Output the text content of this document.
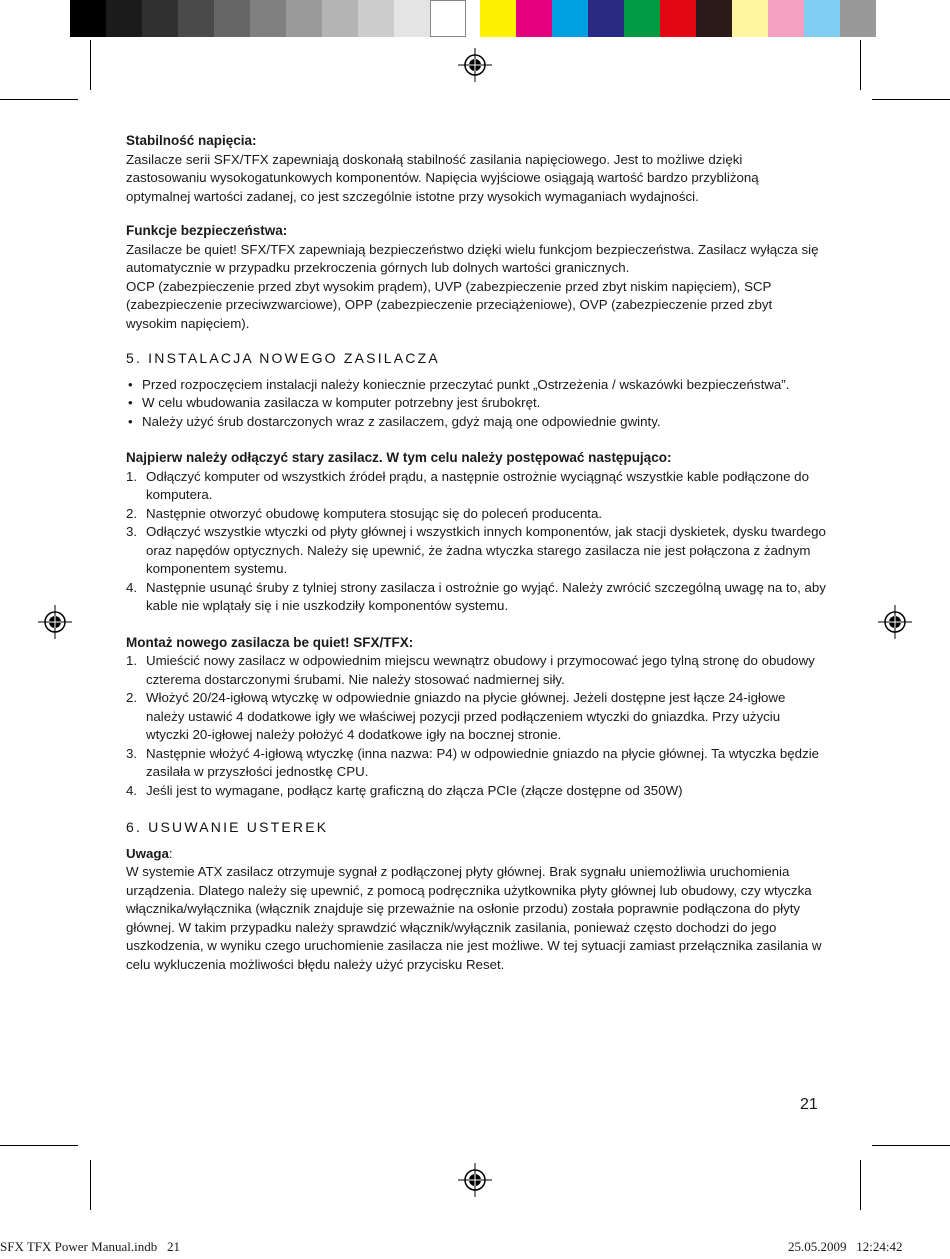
Stabilność napięcia:

Zasilacze serii SFX/TFX zapewniają doskonałą stabilność zasilania napięciowego. Jest to możliwe dzięki zastosowaniu wysokogatunkowych komponentów. Napięcia wyjściowe osiągają wartość bardzo przybliżoną optymalnej wartości zadanej, co jest szczególnie istotne przy wysokich wymaganiach wydajności.

Funkcje bezpieczeństwa:

Zasilacze be quiet! SFX/TFX zapewniają bezpieczeństwo dzięki wielu funkcjom bezpieczeństwa. Zasilacz wyłącza się automatycznie w przypadku przekroczenia górnych lub dolnych wartości granicznych.

OCP (zabezpieczenie przed zbyt wysokim prądem), UVP (zabezpieczenie przed zbyt niskim napięciem), SCP (zabezpieczenie przeciwzwarciowe), OPP (zabezpieczenie przeciążeniowe), OVP (zabezpieczenie przed zbyt wysokim napięciem).

5. INSTALACJA NOWEGO ZASILACZA
• Przed rozpoczęciem instalacji należy koniecznie przeczytać punkt „Ostrzeżenia / wskazówki bezpieczeństwa”.
• W celu wbudowania zasilacza w komputer potrzebny jest śrubokręt.
• Należy użyć śrub dostarczonych wraz z zasilaczem, gdyż mają one odpowiednie gwinty.

Najpierw należy odłączyć stary zasilacz. W tym celu należy postępować następująco:

1. Odłączyć komputer od wszystkich źródeł prądu, a następnie ostrożnie wyciągnąć wszystkie kable podłączone do komputera.
2. Następnie otworzyć obudowę komputera stosując się do poleceń producenta.
3. Odłączyć wszystkie wtyczki od płyty głównej i wszystkich innych komponentów, jak stacji dyskietek, dysku twardego oraz napędów optycznych. Należy się upewnić, że żadna wtyczka starego zasilacza nie jest połączona z żadnym komponentem systemu.
4. Następnie usunąć śruby z tylniej strony zasilacza i ostrożnie go wyjąć. Należy zwrócić szczególną uwagę na to, aby kable nie wplątały się i nie uszkodziły komponentów systemu.

Montaż nowego zasilacza be quiet! SFX/TFX:

1. Umieścić nowy zasilacz w odpowiednim miejscu wewnątrz obudowy i przymocować jego tylną stronę do obudowy czterema dostarczonymi śrubami. Nie należy stosować nadmiernej siły.
2. Włożyć 20/24-igłową wtyczkę w odpowiednie gniazdo na płycie głównej. Jeżeli dostępne jest łącze 24-igłowe należy ustawić 4 dodatkowe igły we właściwej pozycji przed podłączeniem wtyczki do gniazdka. Przy użyciu wtyczki 20-igłowej należy położyć 4 dodatkowe igły na bocznej stronie.
3. Następnie włożyć 4-igłową wtyczkę (inna nazwa: P4) w odpowiednie gniazdo na płycie głównej. Ta wtyczka będzie zasilała w przyszłości jednostkę CPU.
4. Jeśli jest to wymagane, podłącz kartę graficzną do złącza PCIe (złącze dostępne od 350W)
6. USUWANIE USTEREK

Uwaga:

W systemie ATX zasilacz otrzymuje sygnał z podłączonej płyty głównej. Brak sygnału uniemożliwia uruchomienia urządzenia. Dlatego należy się upewnić, z pomocą podręcznika użytkownika płyty głównej lub obudowy, czy wtyczka włącznika/wyłącznika (włącznik znajduje się przeważnie na osłonie przodu) została poprawnie podłączona do płyty głównej. W takim przypadku należy sprawdzić włącznik/wyłącznik zasilania, ponieważ często dochodzi do jego uszkodzenia, w wyniku czego uruchomienie zasilacza nie jest możliwe. W tej sytuacji zamiast przełącznika zasilania w celu wykluczenia możliwości błędu należy użyć przycisku Reset.

21
SFX TFX Power Manual.indb   21	25.05.2009   12:24:42
